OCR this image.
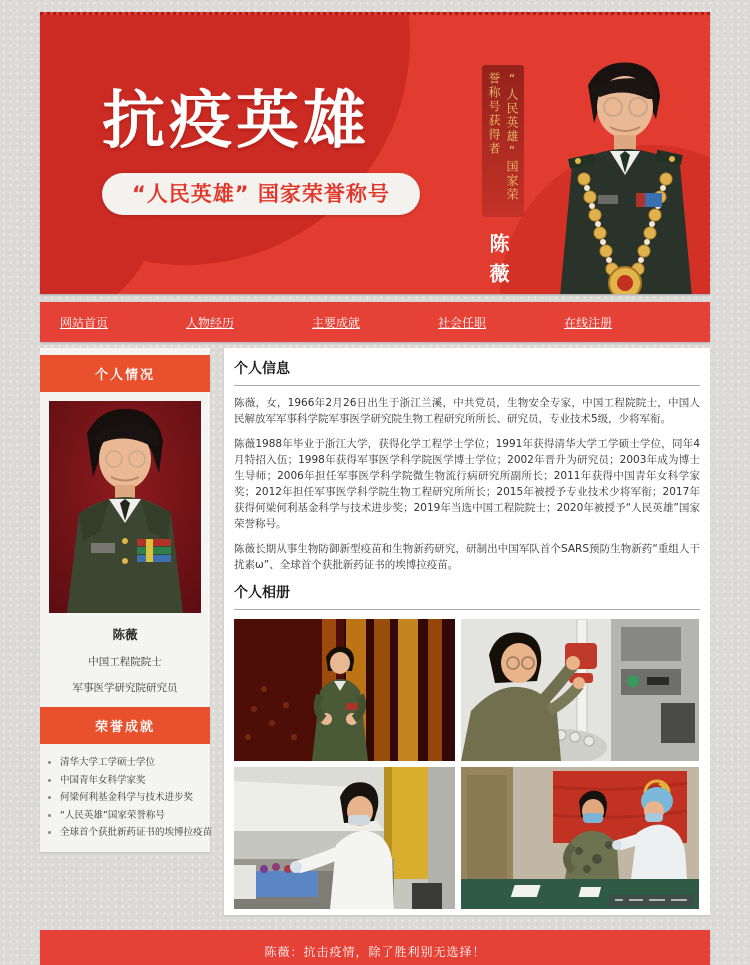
抗疫英雄
“人民英雄” 国家荣誉称号	“人民英雄”国家荣誉称号获得者
陈薇
网站首页	人物经历	主要成就	社会任职	在线注册
个人情况
陈薇
中国工程院院士
军事医学研究院研究员
荣誉成就
• 清华大学工学硕士学位
• 中国青年女科学家奖
• 何梁何利基金科学与技术进步奖
• “人民英雄”国家荣誉称号
• 全球首个获批新药证书的埃博拉疫苗
个人信息

陈薇，女，1966年2月26日出生于浙江兰溪，中共党员，生物安全专家，中国工程院院士，中国人民解放军军事科学院军事医学研究院生物工程研究所所长、研究员，专业技术5级，少将军衔。

陈薇1988年毕业于浙江大学，获得化学工程学士学位；1991年获得清华大学工学硕士学位，同年4月特招入伍；1998年获得军事医学科学院医学博士学位；2002年晋升为研究员；2003年成为博士生导师；2006年担任军事医学科学院微生物流行病研究所副所长；2011年获得中国青年女科学家奖；2012年担任军事医学科学院生物工程研究所所长；2015年被授予专业技术少将军衔；2017年获得何梁何利基金科学与技术进步奖；2019年当选中国工程院院士；2020年被授予“人民英雄”国家荣誉称号。

陈薇长期从事生物防御新型疫苗和生物新药研究，研制出中国军队首个SARS预防生物新药“重组人干扰素ω”、全球首个获批新药证书的埃博拉疫苗。

个人相册
陈薇：抗击疫情，除了胜利别无选择！
